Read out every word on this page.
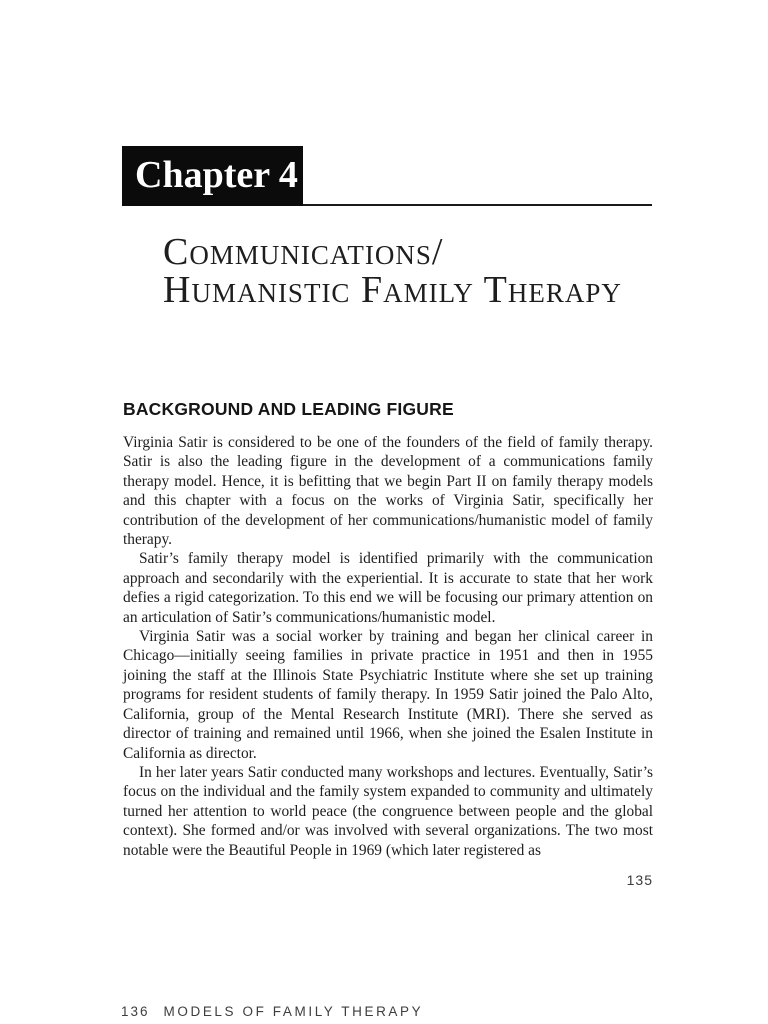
Chapter 4
Communications/
Humanistic Family Therapy
BACKGROUND AND LEADING FIGURE

Virginia Satir is considered to be one of the founders of the field of family therapy. Satir is also the leading figure in the development of a communications family therapy model. Hence, it is befitting that we begin Part II on family therapy models and this chapter with a focus on the works of Virginia Satir, specifically her contribution of the development of her communications/humanistic model of family therapy.

Satir’s family therapy model is identified primarily with the communication approach and secondarily with the experiential. It is accurate to state that her work defies a rigid categorization. To this end we will be focusing our primary attention on an articulation of Satir’s communications/humanistic model.

Virginia Satir was a social worker by training and began her clinical career in Chicago—initially seeing families in private practice in 1951 and then in 1955 joining the staff at the Illinois State Psychiatric Institute where she set up training programs for resident students of family therapy. In 1959 Satir joined the Palo Alto, California, group of the Mental Research Institute (MRI). There she served as director of training and remained until 1966, when she joined the Esalen Institute in California as director.

In her later years Satir conducted many workshops and lectures. Eventually, Satir’s focus on the individual and the family system expanded to community and ultimately turned her attention to world peace (the congruence between people and the global context). She formed and/or was involved with several organizations. The two most notable were the Beautiful People in 1969 (which later registered as

135
136 MODELS OF FAMILY THERAPY
